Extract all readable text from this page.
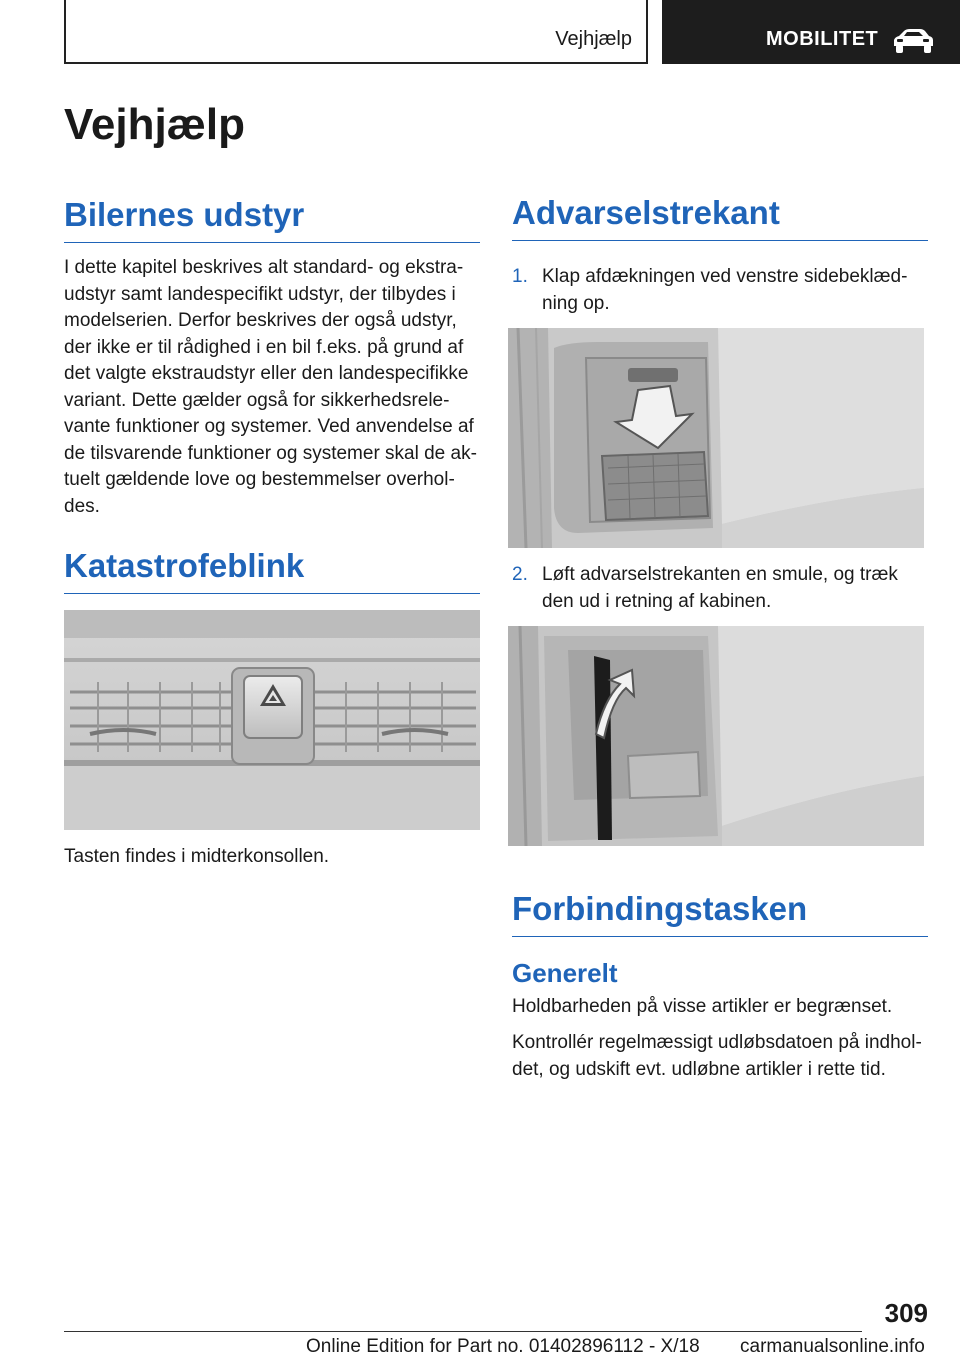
Vejhjælp	MOBILITET
Vejhjælp
Bilernes udstyr

I dette kapitel beskrives alt standard- og ekstra-udstyr samt landespecifikt udstyr, der tilbydes i modelserien. Derfor beskrives der også udstyr, der ikke er til rådighed i en bil f.eks. på grund af det valgte ekstraudstyr eller den landespecifikke variant. Dette gælder også for sikkerhedsrele-vante funktioner og systemer. Ved anvendelse af de tilsvarende funktioner og systemer skal de ak-tuelt gældende love og bestemmelser overhol-des.

Katastrofeblink

Tasten findes i midterkonsollen.

Advarselstrekant
1. Klap afdækningen ved venstre sidebeklæd-ning op.
2. Løft advarselstrekanten en smule, og træk den ud i retning af kabinen.
Forbindingstasken
Generelt

Holdbarheden på visse artikler er begrænset.

Kontrollér regelmæssigt udløbsdatoen på indhol-det, og udskift evt. udløbne artikler i rette tid.

309
Online Edition for Part no. 01402896112 - X/18 carmanualsonline.info
